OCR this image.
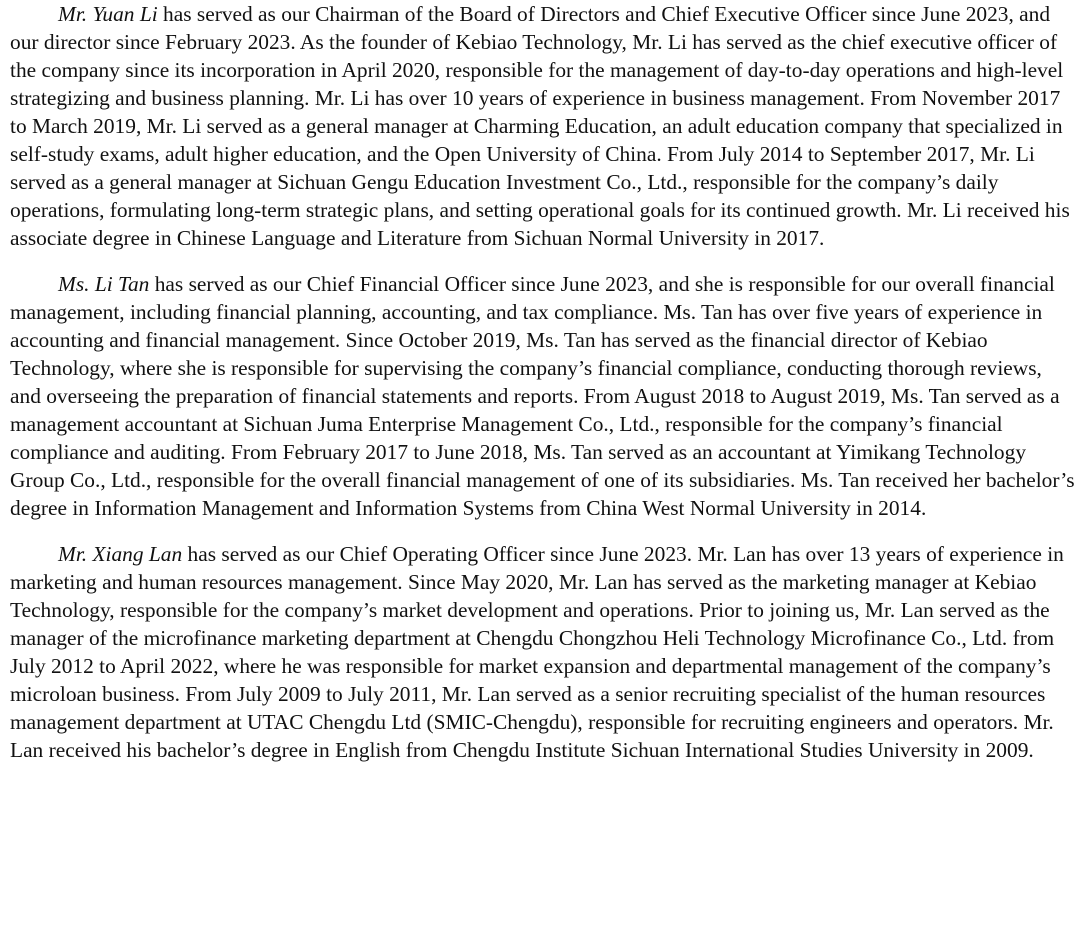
Mr. Yuan Li has served as our Chairman of the Board of Directors and Chief Executive Officer since June 2023, and our director since February 2023. As the founder of Kebiao Technology, Mr. Li has served as the chief executive officer of the company since its incorporation in April 2020, responsible for the management of day-to-day operations and high-level strategizing and business planning. Mr. Li has over 10 years of experience in business management. From November 2017 to March 2019, Mr. Li served as a general manager at Charming Education, an adult education company that specialized in self-study exams, adult higher education, and the Open University of China. From July 2014 to September 2017, Mr. Li served as a general manager at Sichuan Gengu Education Investment Co., Ltd., responsible for the company’s daily operations, formulating long-term strategic plans, and setting operational goals for its continued growth. Mr. Li received his associate degree in Chinese Language and Literature from Sichuan Normal University in 2017.

Ms. Li Tan has served as our Chief Financial Officer since June 2023, and she is responsible for our overall financial management, including financial planning, accounting, and tax compliance. Ms. Tan has over five years of experience in accounting and financial management. Since October 2019, Ms. Tan has served as the financial director of Kebiao Technology, where she is responsible for supervising the company’s financial compliance, conducting thorough reviews, and overseeing the preparation of financial statements and reports. From August 2018 to August 2019, Ms. Tan served as a management accountant at Sichuan Juma Enterprise Management Co., Ltd., responsible for the company’s financial compliance and auditing. From February 2017 to June 2018, Ms. Tan served as an accountant at Yimikang Technology Group Co., Ltd., responsible for the overall financial management of one of its subsidiaries. Ms. Tan received her bachelor’s degree in Information Management and Information Systems from China West Normal University in 2014.

Mr. Xiang Lan has served as our Chief Operating Officer since June 2023. Mr. Lan has over 13 years of experience in marketing and human resources management. Since May 2020, Mr. Lan has served as the marketing manager at Kebiao Technology, responsible for the company’s market development and operations. Prior to joining us, Mr. Lan served as the manager of the microfinance marketing department at Chengdu Chongzhou Heli Technology Microfinance Co., Ltd. from July 2012 to April 2022, where he was responsible for market expansion and departmental management of the company’s microloan business. From July 2009 to July 2011, Mr. Lan served as a senior recruiting specialist of the human resources management department at UTAC Chengdu Ltd (SMIC-Chengdu), responsible for recruiting engineers and operators. Mr. Lan received his bachelor’s degree in English from Chengdu Institute Sichuan International Studies University in 2009.
